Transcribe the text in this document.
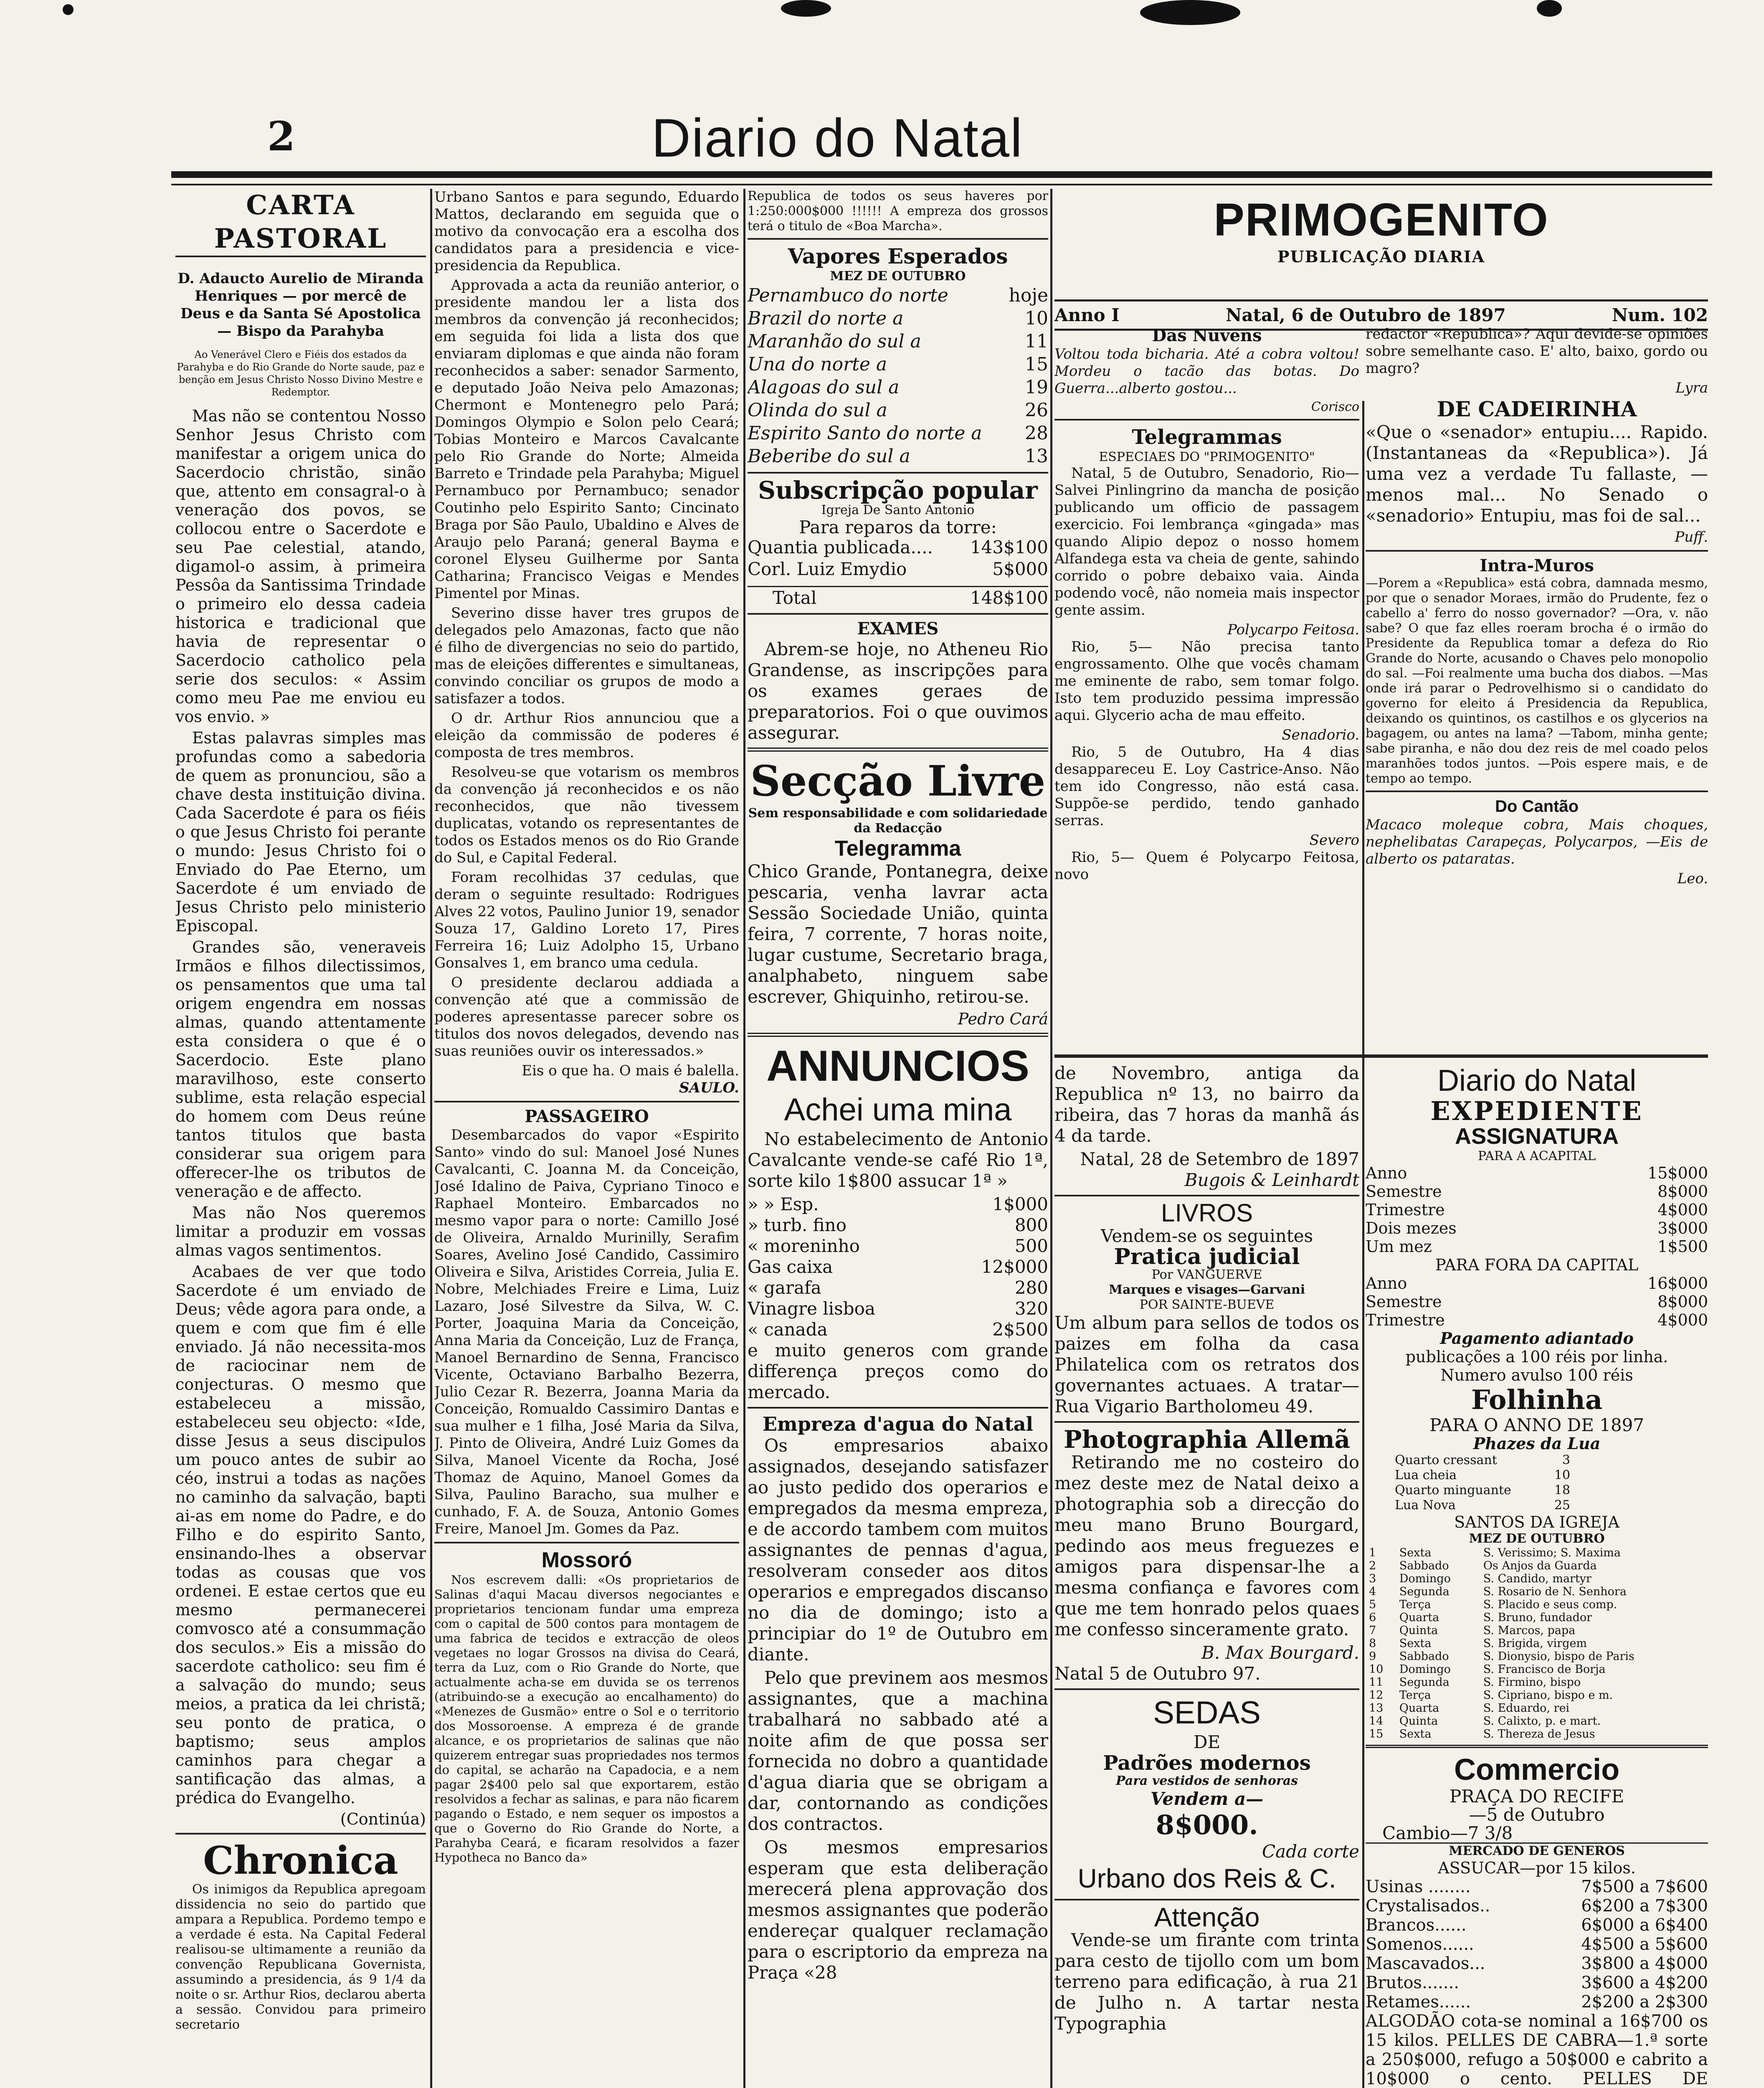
2	Diario do Natal
CARTA PASTORAL
D. Adaucto Aurelio de Miranda Henriques — por mercê de Deus e da Santa Sé Apostolica — Bispo da Parahyba
Ao Venerável Clero e Fiéis dos estados da Parahyba e do Rio Grande do Norte saude, paz e benção em Jesus Christo Nosso Divino Mestre e Redemptor.

Mas não se contentou Nosso Senhor Jesus Christo com manifestar a origem unica do Sacerdocio christão, sinão que, attento em consagral-o à veneração dos povos, se collocou entre o Sacerdote e seu Pae celestial, atando, digamol-o assim, à primeira Pessôa da Santissima Trindade o primeiro elo dessa cadeia historica e tradicional que havia de representar o Sacerdocio catholico pela serie dos seculos: « Assim como meu Pae me enviou eu vos envio. »

Estas palavras simples mas profundas como a sabedoria de quem as pronunciou, são a chave desta instituição divina. Cada Sacerdote é para os fiéis o que Jesus Christo foi perante o mundo: Jesus Christo foi o Enviado do Pae Eterno, um Sacerdote é um enviado de Jesus Christo pelo ministerio Episcopal.

Grandes são, veneraveis Irmãos e filhos dilectissimos, os pensamentos que uma tal origem engendra em nossas almas, quando attentamente esta considera o que é o Sacerdocio. Este plano maravilhoso, este conserto sublime, esta relação especial do homem com Deus reúne tantos titulos que basta considerar sua origem para offerecer-lhe os tributos de veneração e de affecto.

Mas não Nos queremos limitar a produzir em vossas almas vagos sentimentos.

Acabaes de ver que todo Sacerdote é um enviado de Deus; vêde agora para onde, a quem e com que fim é elle enviado. Já não necessita-mos de raciocinar nem de conjecturas. O mesmo que estabeleceu a missão, estabeleceu seu objecto: «Ide, disse Jesus a seus discipulos um pouco antes de subir ao céo, instrui a todas as nações no caminho da salvação, bapti ai-as em nome do Padre, e do Filho e do espirito Santo, ensinando-lhes a observar todas as cousas que vos ordenei. E estae certos que eu mesmo permanecerei comvosco até a consummação dos seculos.» Eis a missão do sacerdote catholico: seu fim é a salvação do mundo; seus meios, a pratica da lei christã; seu ponto de pratica, o baptismo; seus amplos caminhos para chegar a santificação das almas, a prédica do Evangelho.

(Continúa)
Chronica

Os inimigos da Republica apregoam dissidencia no seio do partido que ampara a Republica. Pordemo tempo e a verdade é esta. Na Capital Federal realisou-se ultimamente a reunião da convenção Republicana Governista, assumindo a presidencia, ás 9 1/4 da noite o sr. Arthur Rios, declarou aberta a sessão. Convidou para primeiro secretario

Urbano Santos e para segundo, Eduardo Mattos, declarando em seguida que o motivo da convocação era a escolha dos candidatos para a presidencia e vice-presidencia da Republica.

Approvada a acta da reunião anterior, o presidente mandou ler a lista dos membros da convenção já reconhecidos; em seguida foi lida a lista dos que enviaram diplomas e que ainda não foram reconhecidos a saber: senador Sarmento, e deputado João Neiva pelo Amazonas; Chermont e Montenegro pelo Pará; Domingos Olympio e Solon pelo Ceará; Tobias Monteiro e Marcos Cavalcante pelo Rio Grande do Norte; Almeida Barreto e Trindade pela Parahyba; Miguel Pernambuco por Pernambuco; senador Coutinho pelo Espirito Santo; Cincinato Braga por São Paulo, Ubaldino e Alves de Araujo pelo Paraná; general Bayma e coronel Elyseu Guilherme por Santa Catharina; Francisco Veigas e Mendes Pimentel por Minas.

Severino disse haver tres grupos de delegados pelo Amazonas, facto que não é filho de divergencias no seio do partido, mas de eleições differentes e simultaneas, convindo conciliar os grupos de modo a satisfazer a todos.

O dr. Arthur Rios annunciou que a eleição da commissão de poderes é composta de tres membros.

Resolveu-se que votarism os membros da convenção já reconhecidos e os não reconhecidos, que não tivessem duplicatas, votando os representantes de todos os Estados menos os do Rio Grande do Sul, e Capital Federal.

Foram recolhidas 37 cedulas, que deram o seguinte resultado: Rodrigues Alves 22 votos, Paulino Junior 19, senador Souza 17, Galdino Loreto 17, Pires Ferreira 16; Luiz Adolpho 15, Urbano Gonsalves 1, em branco uma cedula.

O presidente declarou addiada a convenção até que a commissão de poderes apresentasse parecer sobre os titulos dos novos delegados, devendo nas suas reuniões ouvir os interessados.»

Eis o que ha. O mais é balella.
SAULO.
PASSAGEIRO

Desembarcados do vapor «Espirito Santo» vindo do sul: Manoel José Nunes Cavalcanti, C. Joanna M. da Conceição, José Idalino de Paiva, Cypriano Tinoco e Raphael Monteiro. Embarcados no mesmo vapor para o norte: Camillo José de Oliveira, Arnaldo Murinilly, Serafim Soares, Avelino José Candido, Cassimiro Oliveira e Silva, Aristides Correia, Julia E. Nobre, Melchiades Freire e Lima, Luiz Lazaro, José Silvestre da Silva, W. C. Porter, Joaquina Maria da Conceição, Anna Maria da Conceição, Luz de França, Manoel Bernardino de Senna, Francisco Vicente, Octaviano Barbalho Bezerra, Julio Cezar R. Bezerra, Joanna Maria da Conceição, Romualdo Cassimiro Dantas e sua mulher e 1 filha, José Maria da Silva, J. Pinto de Oliveira, André Luiz Gomes da Silva, Manoel Vicente da Rocha, José Thomaz de Aquino, Manoel Gomes da Silva, Paulino Baracho, sua mulher e cunhado, F. A. de Souza, Antonio Gomes Freire, Manoel Jm. Gomes da Paz.

Mossoró

Nos escrevem dalli: «Os proprietarios de Salinas d'aqui Macau diversos negociantes e proprietarios tencionam fundar uma empreza com o capital de 500 contos para montagem de uma fabrica de tecidos e extracção de oleos vegetaes no logar Grossos na divisa do Ceará, terra da Luz, com o Rio Grande do Norte, que actualmente acha-se em duvida se os terrenos (atribuindo-se a execução ao encalhamento) do «Menezes de Gusmão» entre o Sol e o territorio dos Mossoroense. A empreza é de grande alcance, e os proprietarios de salinas que não quizerem entregar suas propriedades nos termos do capital, se acharão na Capadocia, e a nem pagar 2$400 pelo sal que exportarem, estão resolvidos a fechar as salinas, e para não ficarem pagando o Estado, e nem sequer os impostos a que o Governo do Rio Grande do Norte, a Parahyba Ceará, e ficaram resolvidos a fazer Hypotheca no Banco da»

Republica de todos os seus haveres por 1:250:000$000 !!!!!! A empreza dos grossos terá o titulo de «Boa Marcha».

Vapores Esperados
MEZ DE OUTUBRO
Pernambuco do norte	hoje
Brazil do norte a	10
Maranhão do sul a	11
Una do norte a	15
Alagoas do sul a	19
Olinda do sul a	26
Espirito Santo do norte a 28
Beberibe do sul a	13
Subscripção popular
Igreja De Santo Antonio
Para reparos da torre:
Quantia publicada.... 143$100
Corl. Luiz Emydio	5$000
Total	148$100
EXAMES

Abrem-se hoje, no Atheneu Rio Grandense, as inscripções para os exames geraes de preparatorios. Foi o que ouvimos assegurar.

Secção Livre
Sem responsabilidade e com solidariedade da Redacção
Telegramma

Chico Grande, Pontanegra, deixe pescaria, venha lavrar acta Sessão Sociedade União, quinta feira, 7 corrente, 7 horas noite, lugar custume, Secretario braga, analphabeto, ninguem sabe escrever, Ghiquinho, retirou-se.

Pedro Cará
ANNUNCIOS
Achei uma mina

No estabelecimento de Antonio Cavalcante vende-se café Rio 1ª, sorte kilo 1$800 assucar 1ª »

» » Esp.	1$000
» turb. fino	800
« moreninho	500
Gas caixa	12$000
« garafa	280
Vinagre lisboa	320
« canada	2$500

e muito generos com grande differença preços como do mercado.

Empreza d'agua do Natal

Os empresarios abaixo assignados, desejando satisfazer ao justo pedido dos operarios e empregados da mesma empreza, e de accordo tambem com muitos assignantes de pennas d'agua, resolveram conseder aos ditos operarios e empregados discanso no dia de domingo; isto a principiar do 1º de Outubro em diante.

Pelo que previnem aos mesmos assignantes, que a machina trabalhará no sabbado até a noite afim de que possa ser fornecida no dobro a quantidade d'agua diaria que se obrigam a dar, contornando as condições dos contractos.

Os mesmos empresarios esperam que esta deliberação merecerá plena approvação dos mesmos assignantes que poderão endereçar qualquer reclamação para o escriptorio da empreza na Praça «28

PRIMOGENITO
PUBLICAÇÃO DIARIA
Anno I	Natal, 6 de Outubro de 1897	Num. 102
Das Nuvens

Voltou toda bicharia. Até a cobra voltou! Mordeu o tacão das botas. Do Guerra...alberto gostou...

Corisco
Telegrammas
ESPECIAES DO "PRIMOGENITO"

Natal, 5 de Outubro, Senadorio, Rio— Salvei Pinlingrino da mancha de posição publicando um officio de passagem exercicio. Foi lembrança «gingada» mas quando Alipio depoz o nosso homem Alfandega esta va cheia de gente, sahindo corrido o pobre debaixo vaia. Ainda podendo você, não nomeia mais inspector gente assim.

Polycarpo Feitosa.

Rio, 5— Não precisa tanto engrossamento. Olhe que vocês chamam me eminente de rabo, sem tomar folgo. Isto tem produzido pessima impressão aqui. Glycerio acha de mau effeito.

Senadorio.

Rio, 5 de Outubro, Ha 4 dias desappareceu E. Loy Castrice-Anso. Não tem ido Congresso, não está casa. Suppõe-se perdido, tendo ganhado serras.

Severo

Rio, 5— Quem é Polycarpo Feitosa, novo

redactor «Republica»? Aqui devide-se opiniões sobre semelhante caso. E' alto, baixo, gordo ou magro?

Lyra
DE CADEIRINHA

«Que o «senador» entupiu.... Rapido. (Instantaneas da «Republica»). Já uma vez a verdade Tu fallaste, — menos mal... No Senado o «senadorio» Entupiu, mas foi de sal...

Puff.
Intra-Muros

—Porem a «Republica» está cobra, damnada mesmo, por que o senador Moraes, irmão do Prudente, fez o cabello a' ferro do nosso governador? —Ora, v. não sabe? O que faz elles roeram brocha é o irmão do Presidente da Republica tomar a defeza do Rio Grande do Norte, acusando o Chaves pelo monopolio do sal. —Foi realmente uma bucha dos diabos. —Mas onde irá parar o Pedrovelhismo si o candidato do governo for eleito á Presidencia da Republica, deixando os quintinos, os castilhos e os glycerios na bagagem, ou antes na lama? —Tabom, minha gente; sabe piranha, e não dou dez reis de mel coado pelos maranhões todos juntos. —Pois espere mais, e de tempo ao tempo.

Do Cantão

Macaco moleque cobra, Mais choques, nephelibatas Carapeças, Polycarpos, —Eis de alberto os pataratas.

Leo.

de Novembro, antiga da Republica nº 13, no bairro da ribeira, das 7 horas da manhã ás 4 da tarde.

Natal, 28 de Setembro de 1897
Bugois & Leinhardt
LIVROS
Vendem-se os seguintes
Pratica judicial
Por VANGUERVE
Marques e visages—Garvani
POR SAINTE-BUEVE

Um album para sellos de todos os paizes em folha da casa Philatelica com os retratos dos governantes actuaes. A tratar—Rua Vigario Bartholomeu 49.

Photographia Allemã

Retirando me no costeiro do mez deste mez de Natal deixo a photographia sob a direcção do meu mano Bruno Bourgard, pedindo aos meus freguezes e amigos para dispensar-lhe a mesma confiança e favores com que me tem honrado pelos quaes me confesso sinceramente grato.

B. Max Bourgard.
Natal 5 de Outubro 97.
SEDAS
DE
Padrões modernos
Para vestidos de senhoras
Vendem a—
8$000.
Cada corte
Urbano dos Reis & C.
Attenção

Vende-se um firante com trinta para cesto de tijollo com um bom terreno para edificação, à rua 21 de Julho n. A tartar nesta Typographia

Diario do Natal
EXPEDIENTE
ASSIGNATURA
PARA A ACAPITAL
Anno	15$000
Semestre	8$000
Trimestre	4$000
Dois mezes	3$000
Um mez	1$500
PARA FORA DA CAPITAL
Anno	16$000
Semestre	8$000
Trimestre	4$000
Pagamento adiantado
publicações a 100 réis por linha.
Numero avulso 100 réis
Folhinha
PARA O ANNO DE 1897
Phazes da Lua
Quarto cressant	3
Lua cheia	10
Quarto minguante	18
Lua Nova	25
SANTOS DA IGREJA
MEZ DE OUTUBRO
1	Sexta	S. Verissimo; S. Maxima
2	Sabbado	Os Anjos da Guarda
3	Domingo	S. Candido, martyr
4	Segunda	S. Rosario de N. Senhora
5	Terça	S. Placido e seus comp.
6	Quarta	S. Bruno, fundador
7	Quinta	S. Marcos, papa
8	Sexta	S. Brigida, virgem
9	Sabbado	S. Dionysio, bispo de Paris
10	Domingo	S. Francisco de Borja
11	Segunda	S. Firmino, bispo
12	Terça	S. Cipriano, bispo e m.
13	Quarta	S. Eduardo, rei
14	Quinta	S. Calixto, p. e mart.
15	Sexta	S. Thereza de Jesus
Commercio
PRAÇA DO RECIFE
—5 de Outubro
Cambio—7 3/8
MERCADO DE GENEROS
ASSUCAR—por 15 kilos.
Usinas ........	7$500 a 7$600
Crystalisados..	6$200 a 7$300
Brancos......	6$000 a 6$400
Somenos......	4$500 a 5$600
Mascavados...	3$800 a 4$000
Brutos.......	3$600 a 4$200
Retames......	2$200 a 2$300

ALGODÃO cota-se nominal a 16$700 os 15 kilos. PELLES DE CABRA—1.ª sorte a 250$000, refugo a 50$000 e cabrito a 10$000 o cento. PELLES DE
